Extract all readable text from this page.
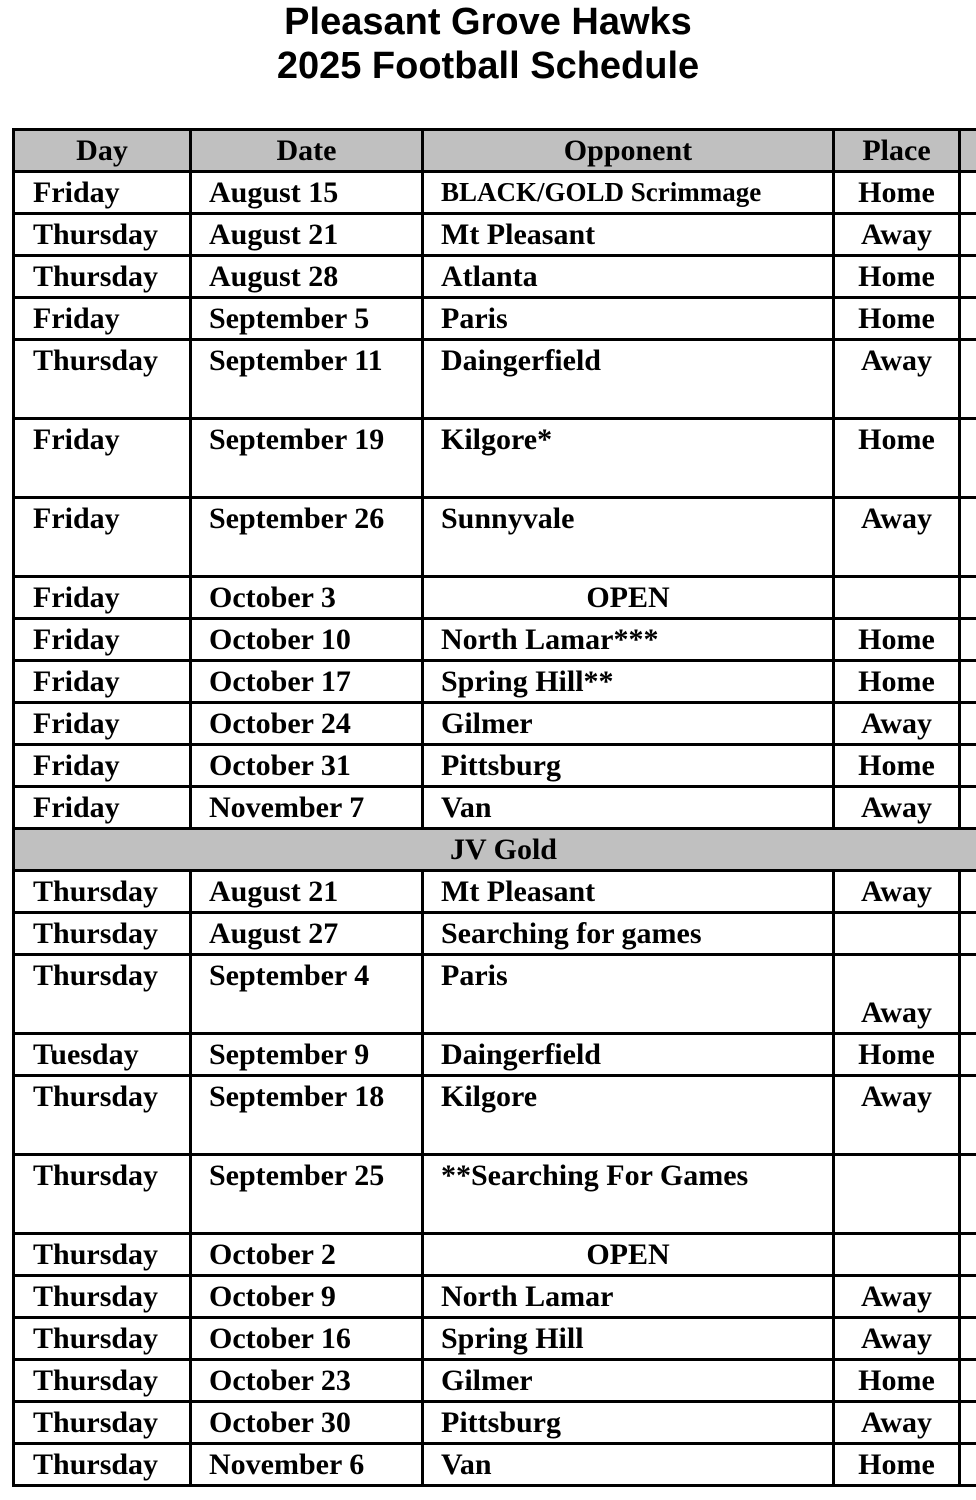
Pleasant Grove Hawks
2025 Football Schedule
Day	Date	Opponent	Place	
Friday	August 15	BLACK/GOLD Scrimmage	Home	
Thursday	August 21	Mt Pleasant	Away	
Thursday	August 28	Atlanta	Home	
Friday	September 5	Paris	Home	
Thursday	September 11	Daingerfield	Away	
Friday	September 19	Kilgore*	Home	
Friday	September 26	Sunnyvale	Away	
Friday	October 3	OPEN		
Friday	October 10	North Lamar***	Home	
Friday	October 17	Spring Hill**	Home	
Friday	October 24	Gilmer	Away	
Friday	October 31	Pittsburg	Home	
Friday	November 7	Van	Away	
JV Gold				
Thursday	August 21	Mt Pleasant	Away	
Thursday	August 27	Searching for games		
Thursday	September 4	Paris	Away	
Tuesday	September 9	Daingerfield	Home	
Thursday	September 18	Kilgore	Away	
Thursday	September 25	**Searching For Games		
Thursday	October 2	OPEN		
Thursday	October 9	North Lamar	Away	
Thursday	October 16	Spring Hill	Away	
Thursday	October 23	Gilmer	Home	
Thursday	October 30	Pittsburg	Away	
Thursday	November 6	Van	Home	
